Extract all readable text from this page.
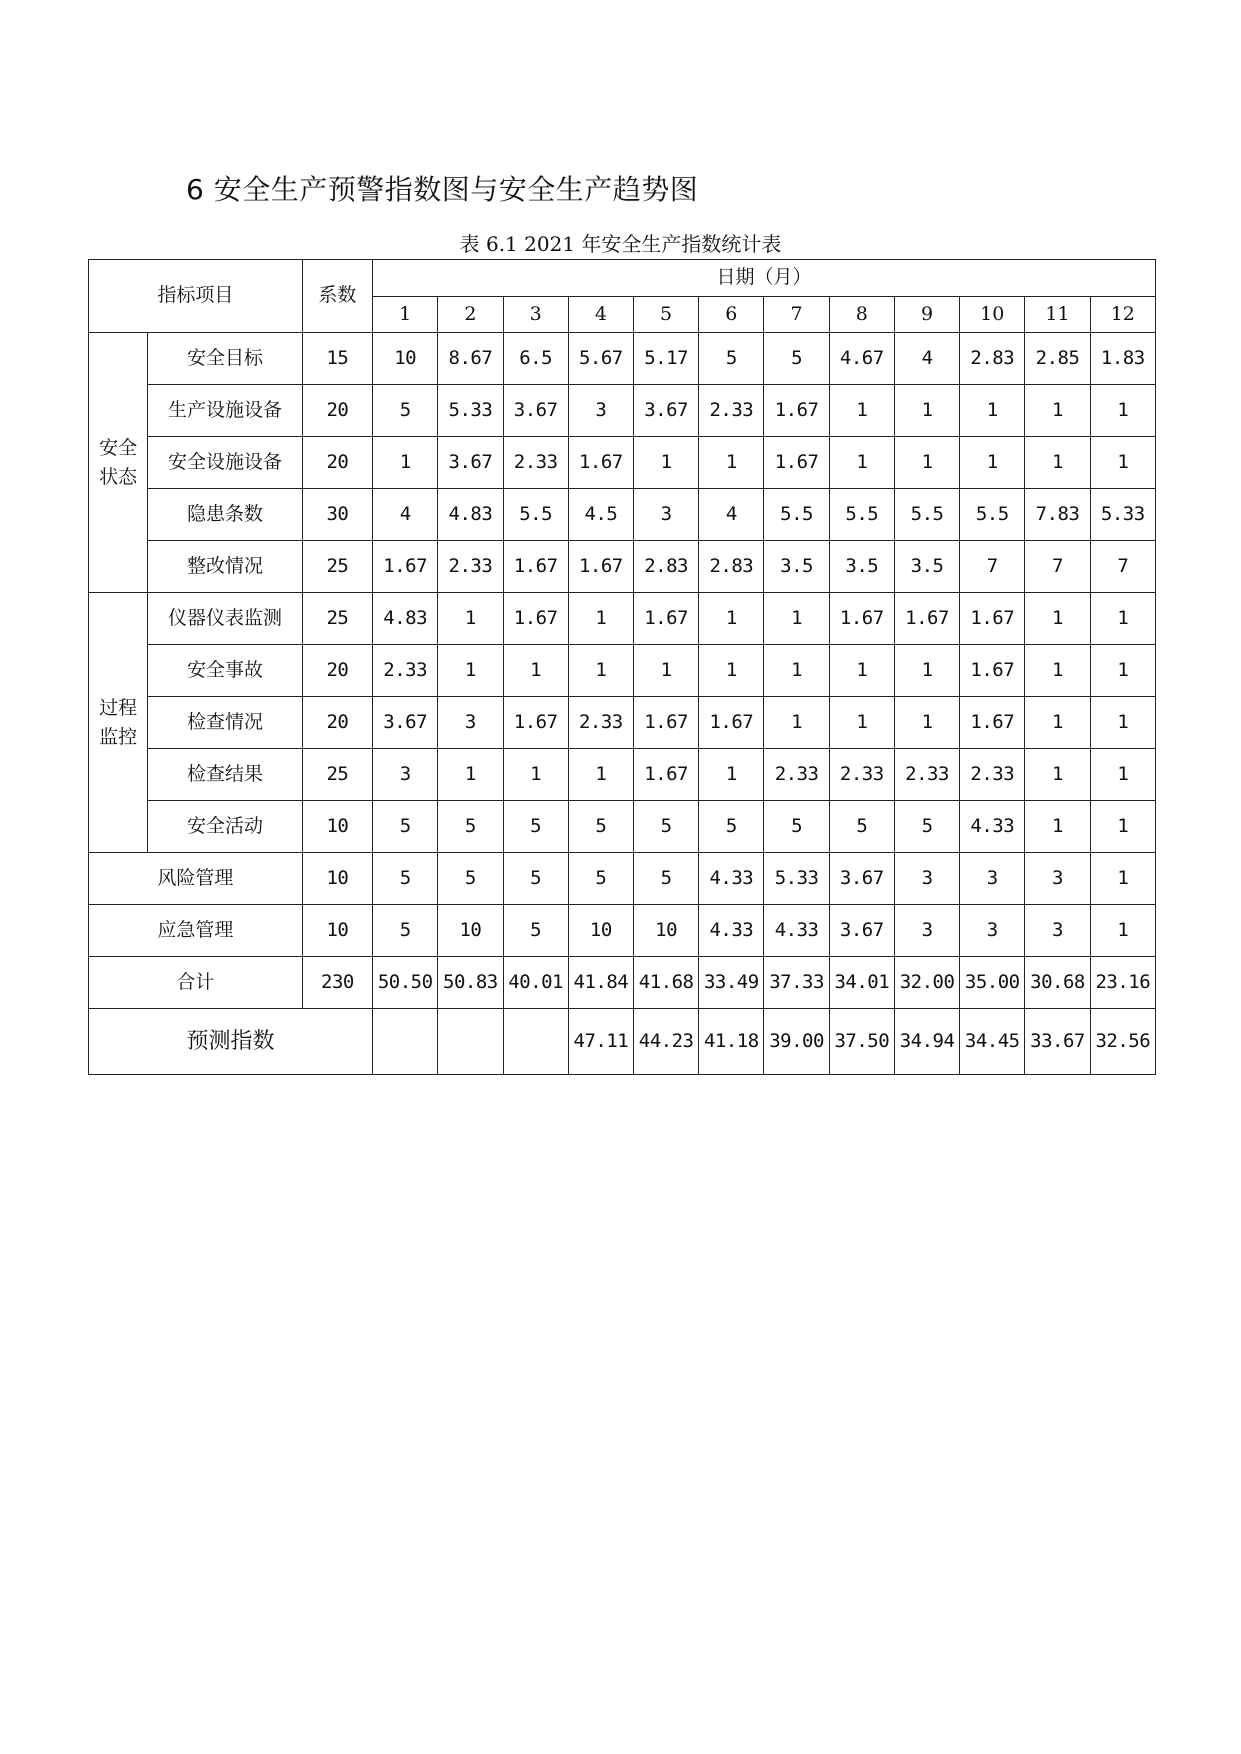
6 安全生产预警指数图与安全生产趋势图
表 6.1 2021 年安全生产指数统计表
指标项目		系数	日期（月）											
			1	2	3	4	5	6	7	8	9	10	11	12
安全
状态	安全目标	15	10	8.67	6.5	5.67	5.17	5	5	4.67	4	2.83	2.85	1.83
	生产设施设备	20	5	5.33	3.67	3	3.67	2.33	1.67	1	1	1	1	1
	安全设施设备	20	1	3.67	2.33	1.67	1	1	1.67	1	1	1	1	1
	隐患条数	30	4	4.83	5.5	4.5	3	4	5.5	5.5	5.5	5.5	7.83	5.33
	整改情况	25	1.67	2.33	1.67	1.67	2.83	2.83	3.5	3.5	3.5	7	7	7
过程
监控	仪器仪表监测	25	4.83	1	1.67	1	1.67	1	1	1.67	1.67	1.67	1	1
	安全事故	20	2.33	1	1	1	1	1	1	1	1	1.67	1	1
	检查情况	20	3.67	3	1.67	2.33	1.67	1.67	1	1	1	1.67	1	1
	检查结果	25	3	1	1	1	1.67	1	2.33	2.33	2.33	2.33	1	1
	安全活动	10	5	5	5	5	5	5	5	5	5	4.33	1	1
风险管理		10	5	5	5	5	5	4.33	5.33	3.67	3	3	3	1
应急管理		10	5	10	5	10	10	4.33	4.33	3.67	3	3	3	1
合计		230	50.50	50.83	40.01	41.84	41.68	33.49	37.33	34.01	32.00	35.00	30.68	23.16
预测指数						47.11	44.23	41.18	39.00	37.50	34.94	34.45	33.67	32.56
